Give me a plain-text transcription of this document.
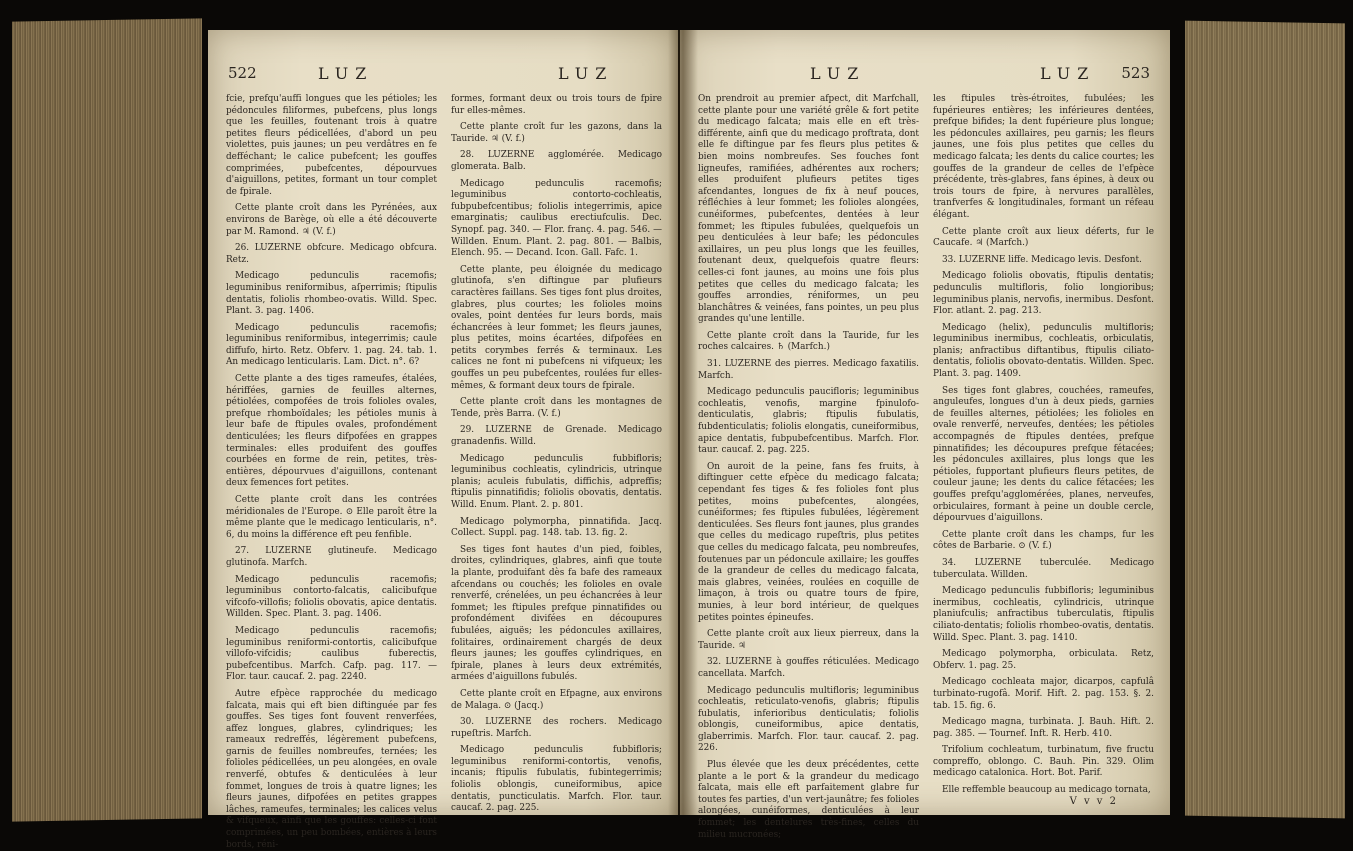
522	LUZ	LUZ

fcie, prefqu'auffi longues que les pétioles; les pédoncules filiformes, pubefcens, plus longs que les feuilles, foutenant trois à quatre petites fleurs pédicellées, d'abord un peu violettes, puis jaunes; un peu verdâtres en fe defféchant; le calice pubefcent; les gouffes comprimées, pubefcentes, dépourvues d'aiguillons, petites, formant un tour complet de fpirale.

Cette plante croît dans les Pyrénées, aux environs de Barège, où elle a été découverte par M. Ramond. ♃ (V. f.)

26. LUZERNE obfcure. Medicago obfcura. Retz.

Medicago pedunculis racemofis; leguminibus reniformibus, aſperrimis; ſtipulis dentatis, foliolis rhombeo-ovatis. Willd. Spec. Plant. 3. pag. 1406.

Medicago pedunculis racemofis; leguminibus reniformibus, integerrimis; caule diffufo, hirto. Retz. Obferv. 1. pag. 24. tab. 1. An medicago lenticularis. Lam. Dict. n°. 6?

Cette plante a des tiges rameufes, étalées, hériffées, garnies de feuilles alternes, pétiolées, compofées de trois folioles ovales, prefque rhomboïdales; les pétioles munis à leur bafe de ftipules ovales, profondément denticulées; les fleurs difpofées en grappes terminales: elles produifent des gouffes courbées en forme de rein, petites, très-entières, dépourvues d'aiguillons, contenant deux femences fort petites.

Cette plante croît dans les contrées méridionales de l'Europe. ⊙ Elle paroît être la même plante que le medicago lenticularis, n°. 6, du moins la différence eft peu fenfible.

27. LUZERNE glutineufe. Medicago glutinofa. Marfch.

Medicago pedunculis racemofis; leguminibus contorto-falcatis, calicibufque vifcofo-villofis; foliolis obovatis, apice dentatis. Willden. Spec. Plant. 3. pag. 1406.

Medicago pedunculis racemofis; leguminibus reniformi-contortis, calicibufque villofo-vifcidis; caulibus fuberectis, pubefcentibus. Marfch. Cafp. pag. 117. — Flor. taur. caucaf. 2. pag. 2240.

Autre efpèce rapprochée du medicago falcata, mais qui eft bien diftinguée par fes gouffes. Ses tiges font fouvent renverfées, affez longues, glabres, cylindriques; les rameaux redreffés, légèrement pubefcens, garnis de feuilles nombreufes, ternées; les folioles pédicellées, un peu alongées, en ovale renverfé, obtufes & denticulées à leur fommet, longues de trois à quatre lignes; les fleurs jaunes, difpofées en petites grappes lâches, rameufes, terminales; les calices velus & vifqueux, ainfi que les gouffes: celles-ci font comprimées, un peu bombées, entières à leurs bords, réni-

formes, formant deux ou trois tours de fpire fur elles-mêmes.

Cette plante croît fur les gazons, dans la Tauride. ♃ (V. f.)

28. LUZERNE agglomérée. Medicago glomerata. Balb.

Medicago pedunculis racemofis; leguminibus contorto-cochleatis, fubpubefcentibus; foliolis integerrimis, apice emarginatis; caulibus erectiufculis. Dec. Synopf. pag. 340. — Flor. franç. 4. pag. 546. — Willden. Enum. Plant. 2. pag. 801. — Balbis, Elench. 95. — Decand. Icon. Gall. Fafc. 1.

Cette plante, peu éloignée du medicago glutinofa, s'en diftingue par plufieurs caractères faillans. Ses tiges font plus droites, glabres, plus courtes; les folioles moins ovales, point dentées fur leurs bords, mais échancrées à leur fommet; les fleurs jaunes, plus petites, moins écartées, difpofées en petits corymbes ferrés & terminaux. Les calices ne font ni pubefcens ni vifqueux; les gouffes un peu pubefcentes, roulées fur elles-mêmes, & formant deux tours de fpirale.

Cette plante croît dans les montagnes de Tende, près Barra. (V. f.)

29. LUZERNE de Grenade. Medicago granadenfis. Willd.

Medicago pedunculis fubbifloris; leguminibus cochleatis, cylindricis, utrinque planis; aculeis fubulatis, diffichis, adpreffis; ftipulis pinnatifidis; foliolis obovatis, dentatis. Willd. Enum. Plant. 2. p. 801.

Medicago polymorpha, pinnatifida. Jacq. Collect. Suppl. pag. 148. tab. 13. fig. 2.

Ses tiges font hautes d'un pied, foibles, droites, cylindriques, glabres, ainfi que toute la plante, produifant dès fa bafe des rameaux afcendans ou couchés; les folioles en ovale renverfé, crénelées, un peu échancrées à leur fommet; les ftipules prefque pinnatifides ou profondément divifées en découpures fubulées, aiguës; les pédoncules axillaires, folitaires, ordinairement chargés de deux fleurs jaunes; les gouffes cylindriques, en fpirale, planes à leurs deux extrémités, armées d'aiguillons fubulés.

Cette plante croît en Efpagne, aux environs de Malaga. ⊙ (Jacq.)

30. LUZERNE des rochers. Medicago rupeſtris. Marfch.

Medicago pedunculis fubbifloris; leguminibus reniformi-contortis, venofis, incanis; ftipulis fubulatis, fubintegerrimis; foliolis oblongis, cuneiformibus, apice dentatis, puncticulatis. Marfch. Flor. taur. caucaf. 2. pag. 225.

LUZ	LUZ 523

On prendroit au premier afpect, dit Marfchall, cette plante pour une variété grêle & fort petite du medicago falcata; mais elle en eft très-différente, ainfi que du medicago proftrata, dont elle fe diftingue par fes fleurs plus petites & bien moins nombreufes. Ses fouches font ligneufes, ramifiées, adhérentes aux rochers; elles produifent plufieurs petites tiges afcendantes, longues de fix à neuf pouces, réfléchies à leur fommet; les folioles alongées, cunéiformes, pubefcentes, dentées à leur fommet; les ftipules fubulées, quelquefois un peu denticulées à leur bafe; les pédoncules axillaires, un peu plus longs que les feuilles, foutenant deux, quelquefois quatre fleurs: celles-ci font jaunes, au moins une fois plus petites que celles du medicago falcata; les gouffes arrondies, réniformes, un peu blanchâtres & veinées, fans pointes, un peu plus grandes qu'une lentille.

Cette plante croît dans la Tauride, fur les roches calcaires. ♄ (Marfch.)

31. LUZERNE des pierres. Medicago faxatilis. Marfch.

Medicago pedunculis paucifloris; leguminibus cochleatis, venofis, margine fpinulofo-denticulatis, glabris; ftipulis fubulatis, fubdenticulatis; foliolis elongatis, cuneiformibus, apice dentatis, fubpubefcentibus. Marfch. Flor. taur. caucaf. 2. pag. 225.

On auroit de la peine, fans fes fruits, à diftinguer cette efpèce du medicago falcata; cependant fes tiges & fes folioles font plus petites, moins pubefcentes, alongées, cunéiformes; fes ftipules fubulées, légèrement denticulées. Ses fleurs font jaunes, plus grandes que celles du medicago rupeſtris, plus petites que celles du medicago falcata, peu nombreufes, foutenues par un pédoncule axillaire; les gouffes de la grandeur de celles du medicago falcata, mais glabres, veinées, roulées en coquille de limaçon, à trois ou quatre tours de fpire, munies, à leur bord intérieur, de quelques petites pointes épineufes.

Cette plante croît aux lieux pierreux, dans la Tauride. ♃

32. LUZERNE à gouffes réticulées. Medicago cancellata. Marfch.

Medicago pedunculis multifloris; leguminibus cochleatis, reticulato-venofis, glabris; ftipulis fubulatis, inferioribus denticulatis; foliolis oblongis, cuneiformibus, apice dentatis, glaberrimis. Marfch. Flor. taur. caucaf. 2. pag. 226.

Plus élevée que les deux précédentes, cette plante a le port & la grandeur du medicago falcata, mais elle eft parfaitement glabre fur toutes fes parties, d'un vert-jaunâtre; fes folioles alongées, cunéiformes, denticulées à leur fommet; les dentelures très-fines, celles du milieu mucronées;

les ftipules très-étroites, fubulées; les fupérieures entières; les inférieures dentées, prefque bifides; la dent fupérieure plus longue; les pédoncules axillaires, peu garnis; les fleurs jaunes, une fois plus petites que celles du medicago falcata; les dents du calice courtes; les gouffes de la grandeur de celles de l'efpèce précédente, très-glabres, fans épines, à deux ou trois tours de fpire, à nervures parallèles, tranfverfes & longitudinales, formant un réfeau élégant.

Cette plante croît aux lieux déferts, fur le Caucafe. ♃ (Marfch.)

33. LUZERNE liffe. Medicago levis. Desfont.

Medicago foliolis obovatis, ftipulis dentatis; pedunculis multifloris, folio longioribus; leguminibus planis, nervofis, inermibus. Desfont. Flor. atlant. 2. pag. 213.

Medicago (helix), pedunculis multifloris; leguminibus inermibus, cochleatis, orbiculatis, planis; anfractibus diftantibus, ftipulis ciliato-dentatis, foliolis obovato-dentatis. Willden. Spec. Plant. 3. pag. 1409.

Ses tiges font glabres, couchées, rameufes, anguleufes, longues d'un à deux pieds, garnies de feuilles alternes, pétiolées; les folioles en ovale renverfé, nerveufes, dentées; les pétioles accompagnés de ftipules dentées, prefque pinnatifides; les découpures prefque fétacées; les pédoncules axillaires, plus longs que les pétioles, fupportant plufieurs fleurs petites, de couleur jaune; les dents du calice fétacées; les gouffes prefqu'agglomérées, planes, nerveufes, orbiculaires, formant à peine un double cercle, dépourvues d'aiguillons.

Cette plante croît dans les champs, fur les côtes de Barbarie. ⊙ (V. f.)

34. LUZERNE tuberculée. Medicago tuberculata. Willden.

Medicago pedunculis fubbifloris; leguminibus inermibus, cochleatis, cylindricis, utrinque planiufculis; anfractibus tuberculatis, ftipulis ciliato-dentatis; foliolis rhombeo-ovatis, dentatis. Willd. Spec. Plant. 3. pag. 1410.

Medicago polymorpha, orbiculata. Retz, Obferv. 1. pag. 25.

Medicago cochleata major, dicarpos, capfulâ turbinato-rugofâ. Morif. Hift. 2. pag. 153. §. 2. tab. 15. fig. 6.

Medicago magna, turbinata. J. Bauh. Hift. 2. pag. 385. — Tournef. Inft. R. Herb. 410.

Trifolium cochleatum, turbinatum, five fructu compreffo, oblongo. C. Bauh. Pin. 329. Olim medicago catalonica. Hort. Bot. Parif.

Elle reffemble beaucoup au medicago tornata,

V v v 2
